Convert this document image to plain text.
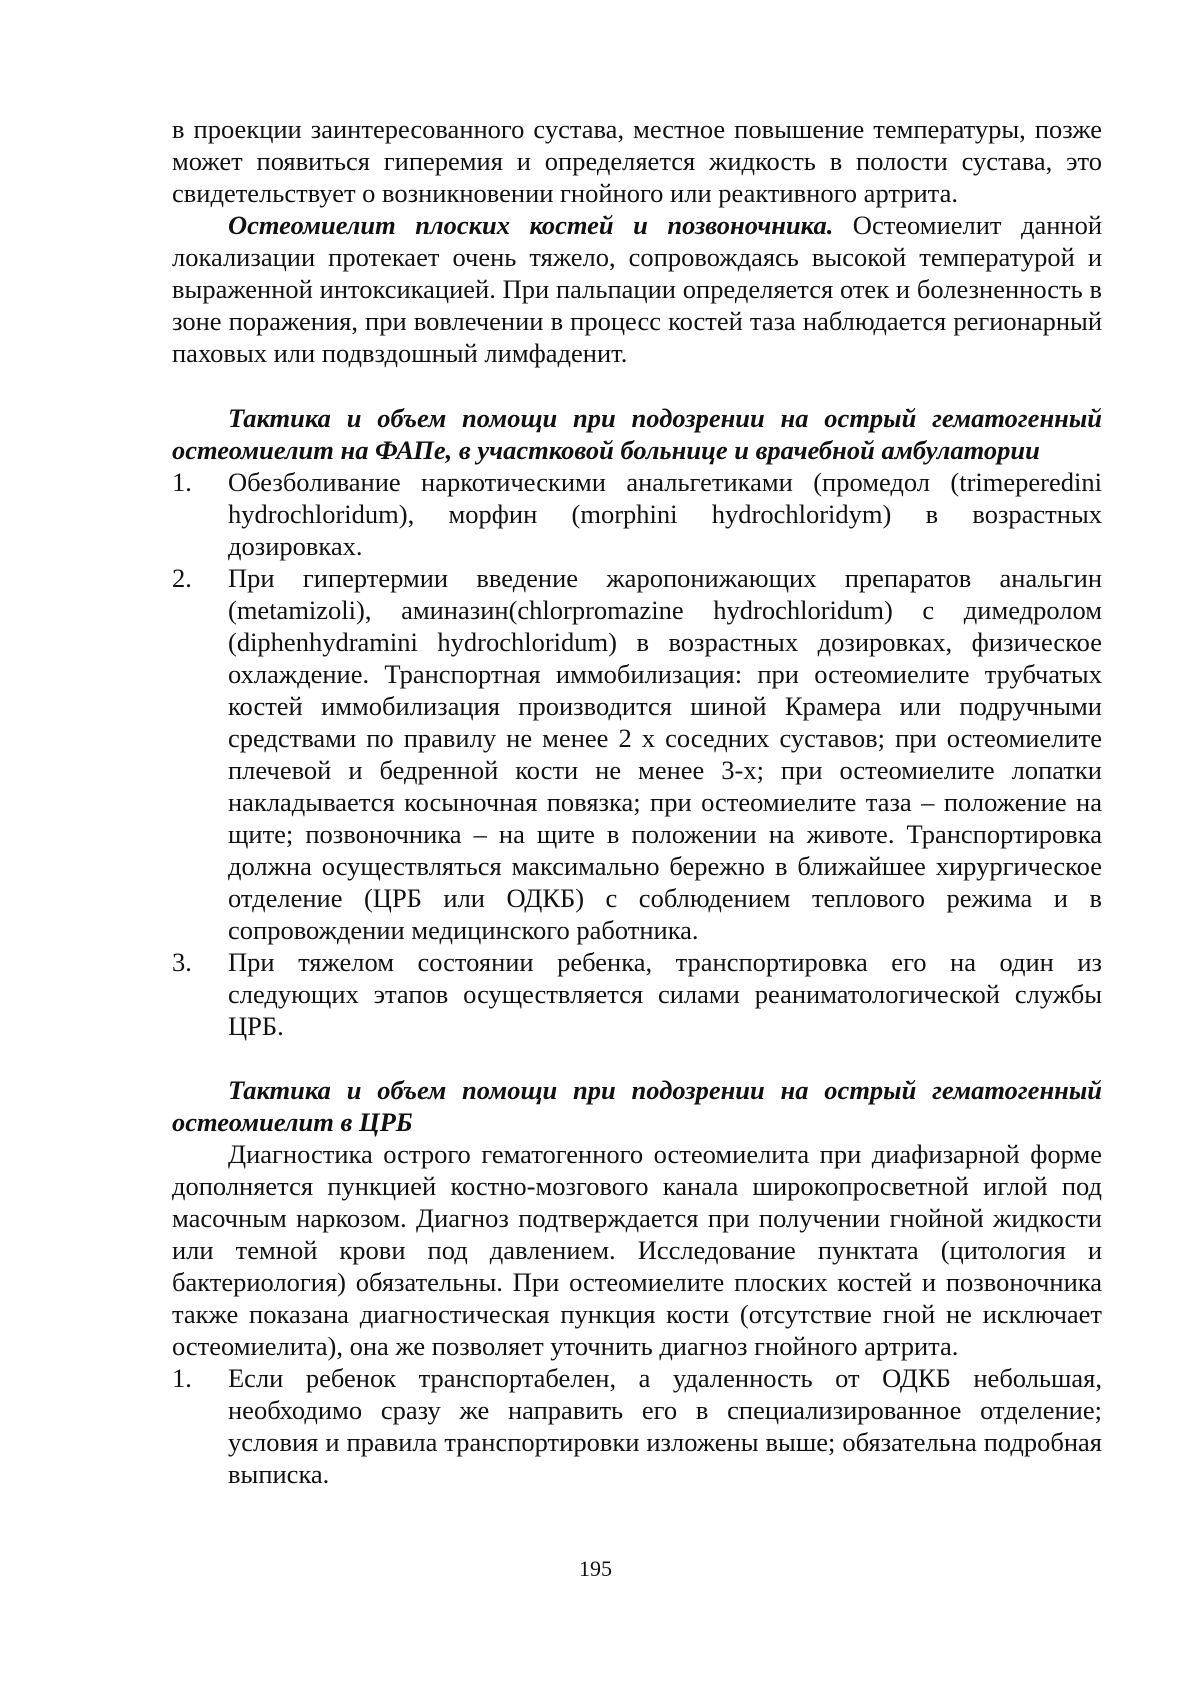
в проекции заинтересованного сустава, местное повышение температуры, позже может появиться гиперемия и определяется жидкость в полости сустава, это свидетельствует о возникновении гнойного или реактивного артрита.

Остеомиелит плоских костей и позвоночника. Остеомиелит данной локализации протекает очень тяжело, сопровождаясь высокой температурой и выраженной интоксикацией. При пальпации определяется отек и болезненность в зоне поражения, при вовлечении в процесс костей таза наблюдается регионарный паховых или подвздошный лимфаденит.

Тактика и объем помощи при подозрении на острый гематогенный остеомиелит на ФАПе, в участковой больнице и врачебной амбулатории

1. Обезболивание наркотическими анальгетиками (промедол (trimeperedini hydrochloridum), морфин (morphini hydrochloridym) в возрастных дозировках.
2. При гипертермии введение жаропонижающих препаратов анальгин (metamizoli), аминазин(chlorpromazine hydrochloridum) с димедролом (diphenhydramini hydrochloridum) в возрастных дозировках, физическое охлаждение. Транспортная иммобилизация: при остеомиелите трубчатых костей иммобилизация производится шиной Крамера или подручными средствами по правилу не менее 2 х соседних суставов; при остеомиелите плечевой и бедренной кости не менее 3-х; при остеомиелите лопатки накладывается косыночная повязка; при остеомиелите таза – положение на щите; позвоночника – на щите в положении на животе. Транспортировка должна осуществляться максимально бережно в ближайшее хирургическое отделение (ЦРБ или ОДКБ) с соблюдением теплового режима и в сопровождении медицинского работника.
3. При тяжелом состоянии ребенка, транспортировка его на один из следующих этапов осуществляется силами реаниматологической службы ЦРБ.

Тактика и объем помощи при подозрении на острый гематогенный остеомиелит в ЦРБ

Диагностика острого гематогенного остеомиелита при диафизарной форме дополняется пункцией костно-мозгового канала широкопросветной иглой под масочным наркозом. Диагноз подтверждается при получении гнойной жидкости или темной крови под давлением. Исследование пунктата (цитология и бактериология) обязательны. При остеомиелите плоских костей и позвоночника также показана диагностическая пункция кости (отсутствие гной не исключает остеомиелита), она же позволяет уточнить диагноз гнойного артрита.

1. Если ребенок транспортабелен, а удаленность от ОДКБ небольшая, необходимо сразу же направить его в специализированное отделение; условия и правила транспортировки изложены выше; обязательна подробная выписка.
195
